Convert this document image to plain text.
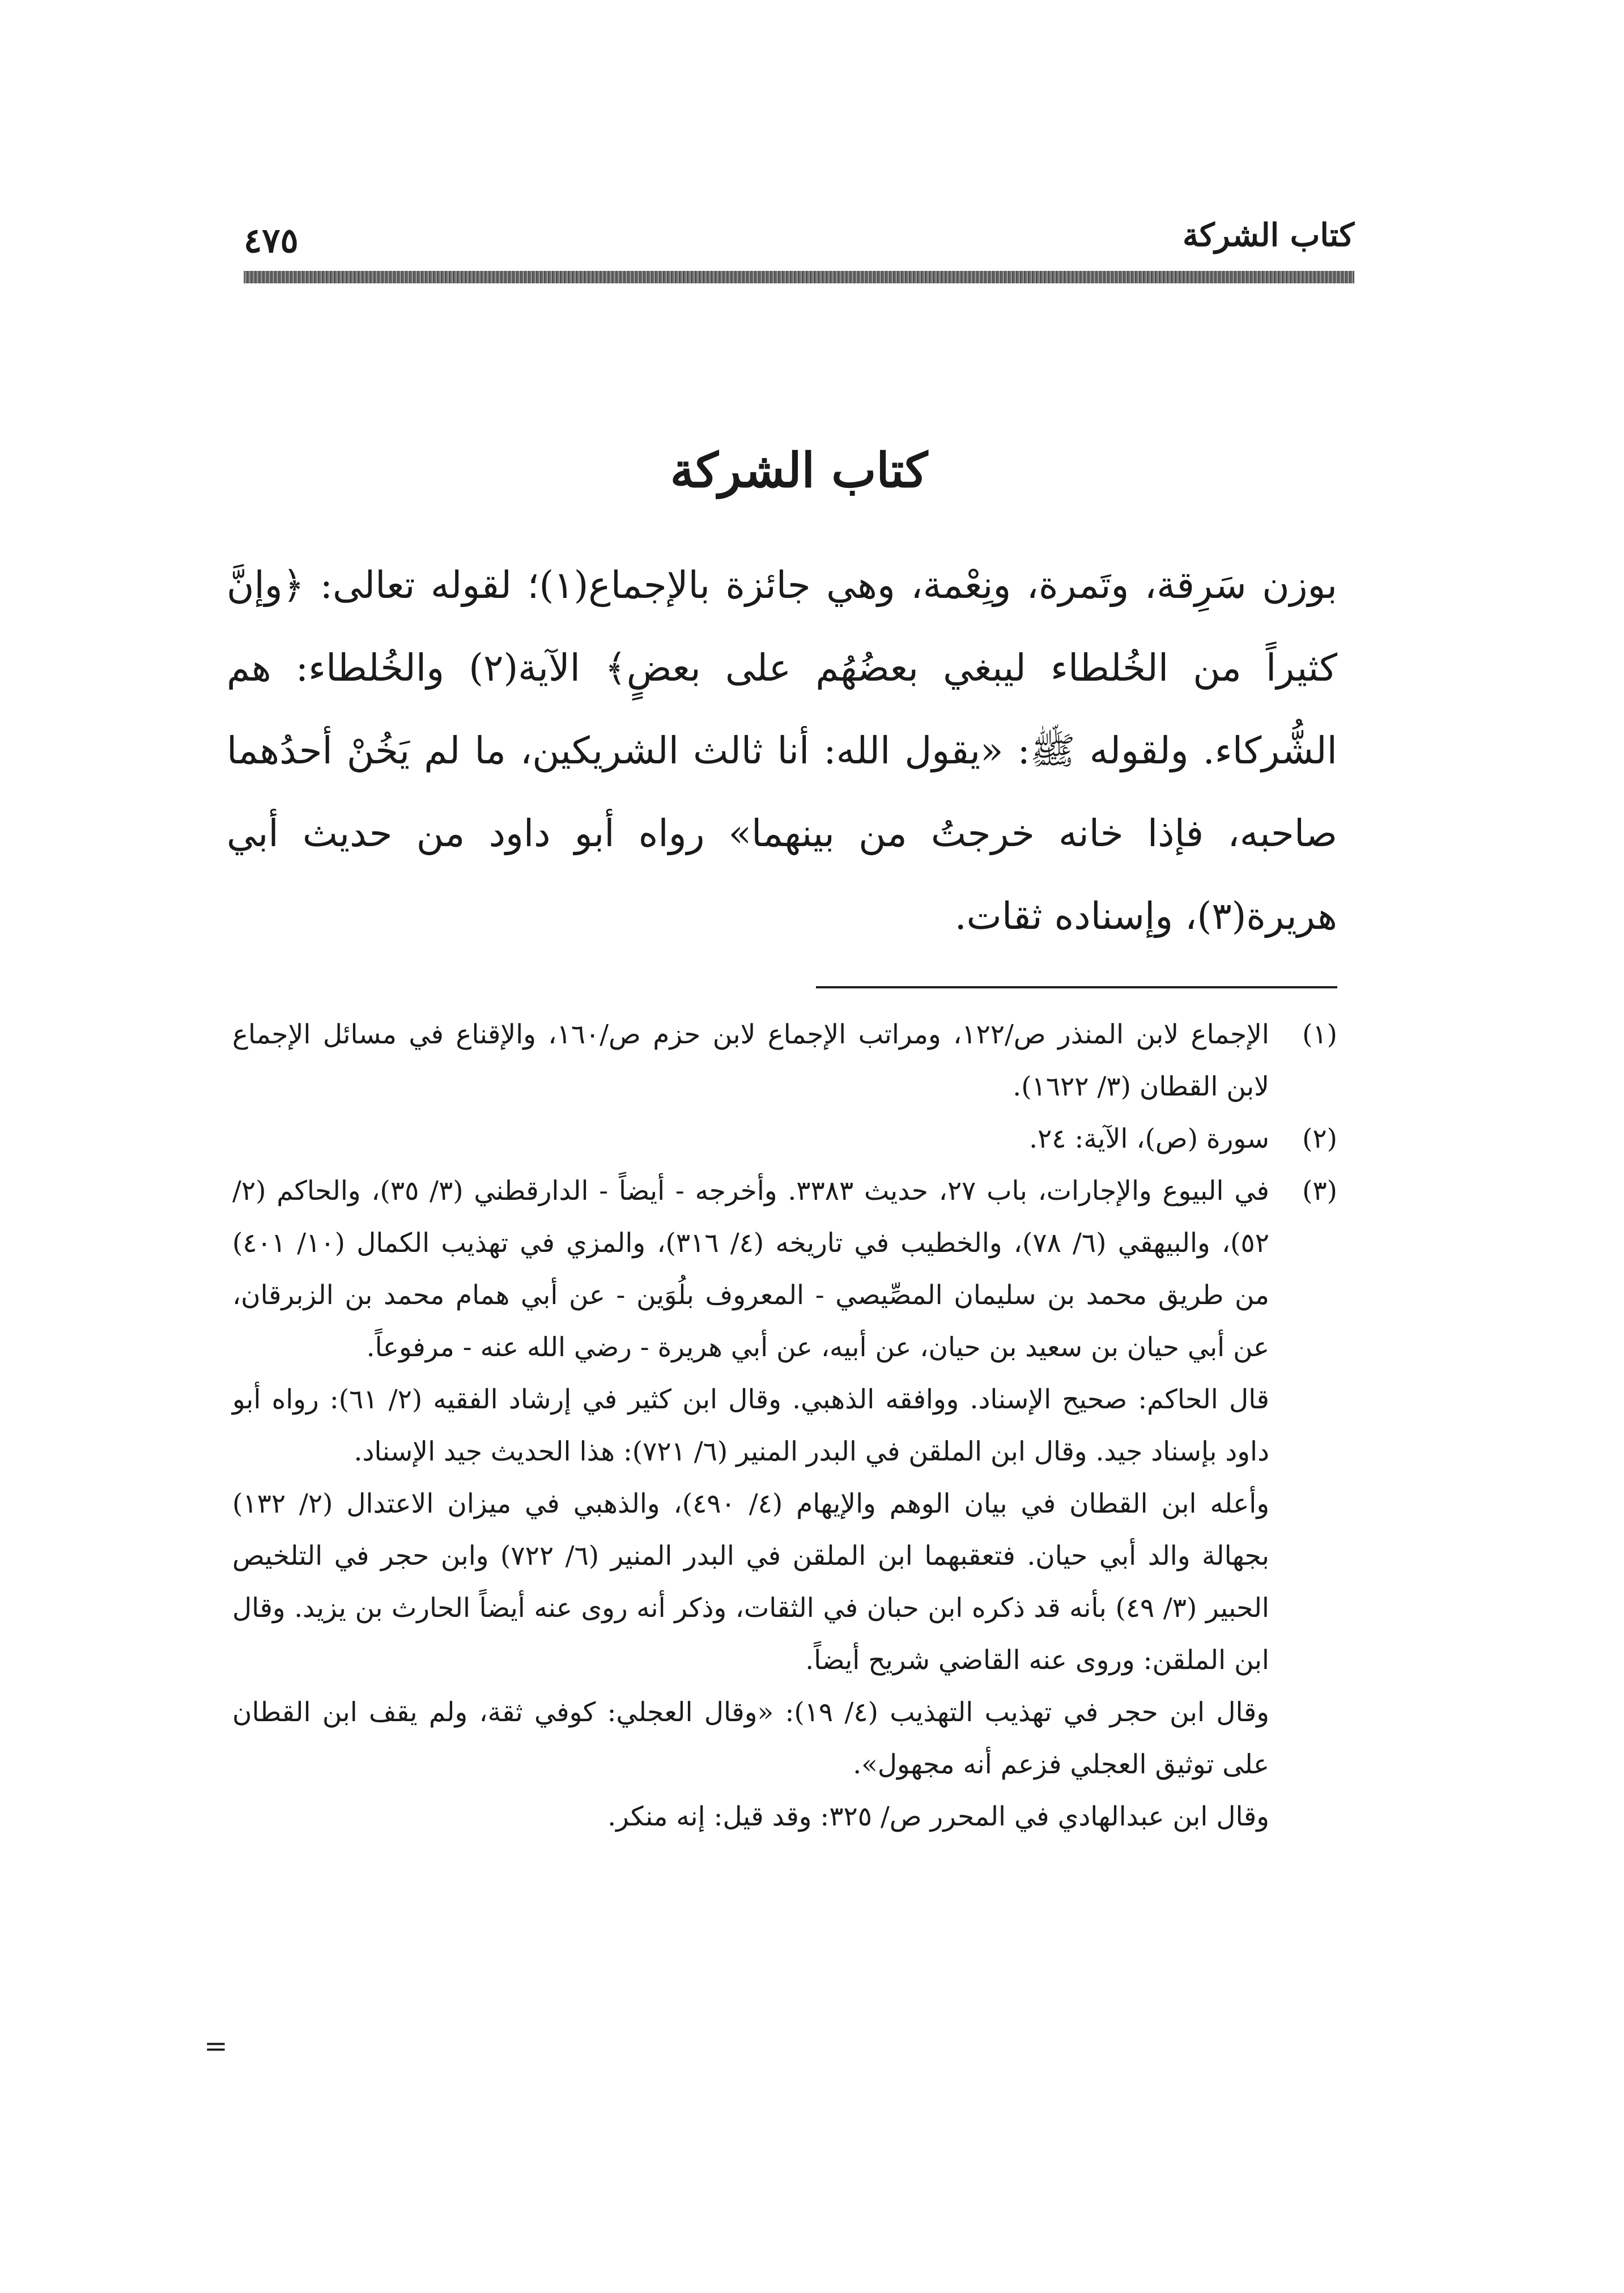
كتاب الشركة
٤٧٥
كتاب الشركة

بوزن سَرِقة، وتَمرة، ونِعْمة، وهي جائزة بالإجماع(١)؛ لقوله تعالى: ﴿وإنَّ كثيراً من الخُلطاء ليبغي بعضُهُم على بعضٍ﴾ الآية(٢) والخُلطاء: هم الشُّركاء. ولقوله ﷺ: «يقول الله: أنا ثالث الشريكين، ما لم يَخُنْ أحدُهما صاحبه، فإذا خانه خرجتُ من بينهما» رواه أبو داود من حديث أبي هريرة(٣)، وإسناده ثقات.

(١)

الإجماع لابن المنذر ص/١٢٢، ومراتب الإجماع لابن حزم ص/١٦٠، والإقناع في مسائل الإجماع لابن القطان (٣/ ١٦٢٢).

(٢)

سورة (ص)، الآية: ٢٤.

(٣)

في البيوع والإجارات، باب ٢٧، حديث ٣٣٨٣. وأخرجه - أيضاً - الدارقطني (٣/ ٣٥)، والحاكم (٢/ ٥٢)، والبيهقي (٦/ ٧٨)، والخطيب في تاريخه (٤/ ٣١٦)، والمزي في تهذيب الكمال (١٠/ ٤٠١) من طريق محمد بن سليمان المصِّيصي - المعروف بلُوَين - عن أبي همام محمد بن الزبرقان، عن أبي حيان بن سعيد بن حيان، عن أبيه، عن أبي هريرة - رضي الله عنه - مرفوعاً.

قال الحاكم: صحيح الإسناد. ووافقه الذهبي. وقال ابن كثير في إرشاد الفقيه (٢/ ٦١): رواه أبو داود بإسناد جيد. وقال ابن الملقن في البدر المنير (٦/ ٧٢١): هذا الحديث جيد الإسناد.

وأعله ابن القطان في بيان الوهم والإيهام (٤/ ٤٩٠)، والذهبي في ميزان الاعتدال (٢/ ١٣٢) بجهالة والد أبي حيان. فتعقبهما ابن الملقن في البدر المنير (٦/ ٧٢٢) وابن حجر في التلخيص الحبير (٣/ ٤٩) بأنه قد ذكره ابن حبان في الثقات، وذكر أنه روى عنه أيضاً الحارث بن يزيد. وقال ابن الملقن: وروى عنه القاضي شريح أيضاً.

وقال ابن حجر في تهذيب التهذيب (٤/ ١٩): «وقال العجلي: كوفي ثقة، ولم يقف ابن القطان على توثيق العجلي فزعم أنه مجهول».

وقال ابن عبدالهادي في المحرر ص/ ٣٢٥: وقد قيل: إنه منكر.

=
